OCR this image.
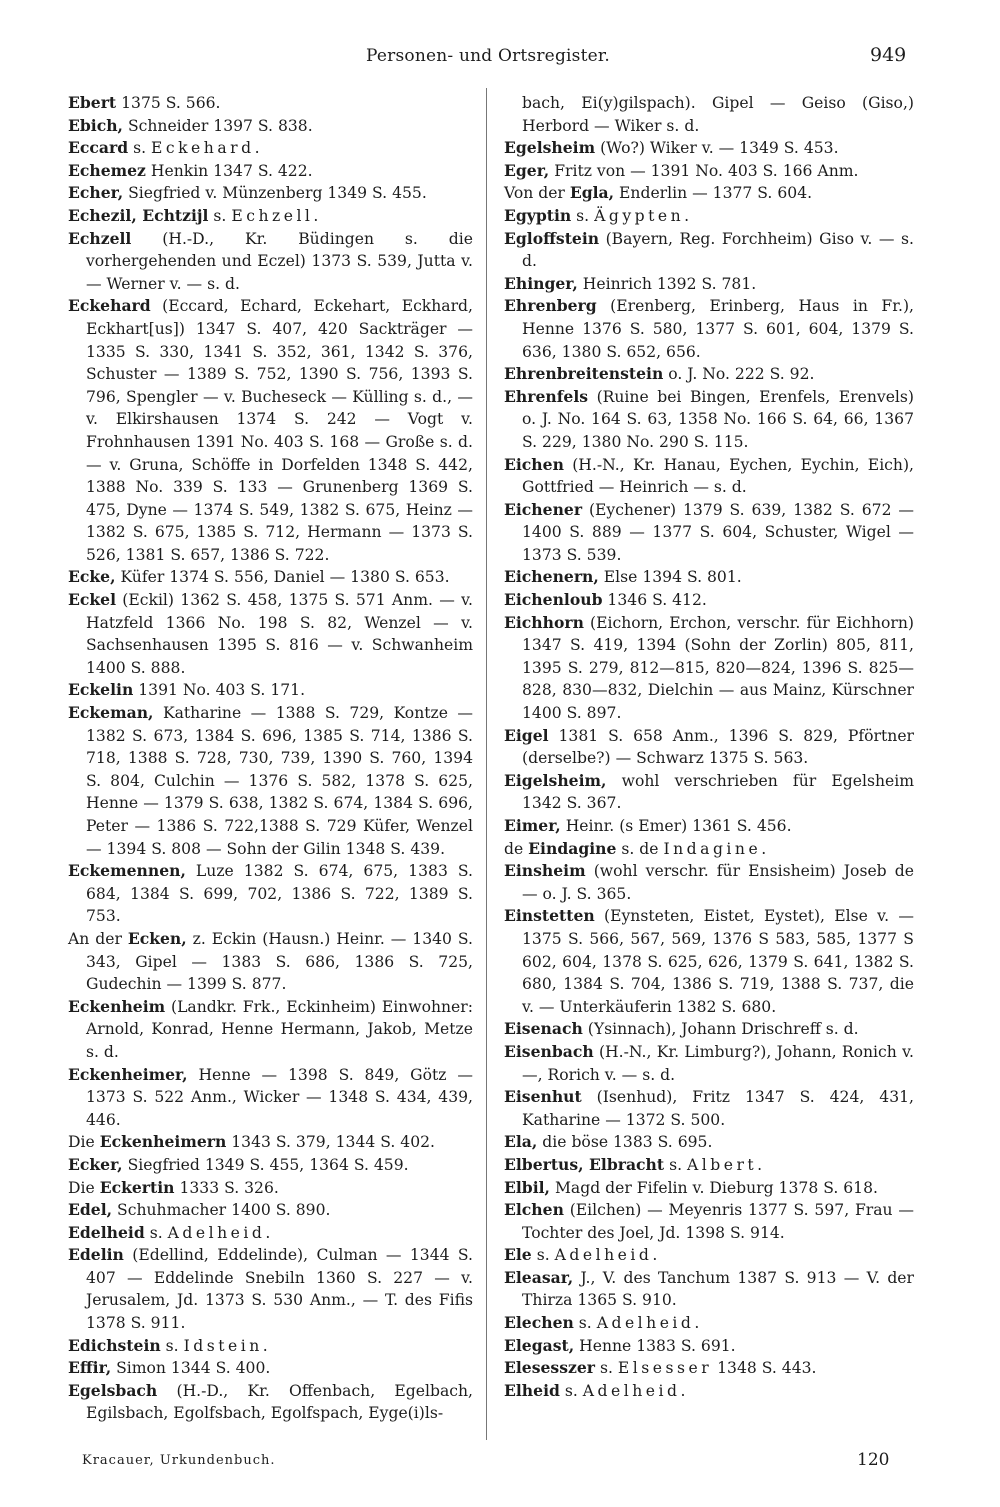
Personen- und Ortsregister.	949
Ebert 1375 S. 566.
Ebich, Schneider 1397 S. 838.
Eccard s. Eckehard.
Echemez Henkin 1347 S. 422.
Echer, Siegfried v. Münzenberg 1349 S. 455.
Echezil, Echtzijl s. Echzell.
Echzell (H.-D., Kr. Büdingen s. die vorhergehenden und Eczel) 1373 S. 539, Jutta v. — Werner v. — s. d.
Eckehard (Eccard, Echard, Eckehart, Eckhard, Eckhart[us]) 1347 S. 407, 420 Sackträger — 1335 S. 330, 1341 S. 352, 361, 1342 S. 376, Schuster — 1389 S. 752, 1390 S. 756, 1393 S. 796, Spengler — v. Bucheseck — Külling s. d., — v. Elkirshausen 1374 S. 242 — Vogt v. Frohnhausen 1391 No. 403 S. 168 — Große s. d. — v. Gruna, Schöffe in Dorfelden 1348 S. 442, 1388 No. 339 S. 133 — Grunenberg 1369 S. 475, Dyne — 1374 S. 549, 1382 S. 675, Heinz — 1382 S. 675, 1385 S. 712, Hermann — 1373 S. 526, 1381 S. 657, 1386 S. 722.
Ecke, Küfer 1374 S. 556, Daniel — 1380 S. 653.
Eckel (Eckil) 1362 S. 458, 1375 S. 571 Anm. — v. Hatzfeld 1366 No. 198 S. 82, Wenzel — v. Sachsenhausen 1395 S. 816 — v. Schwanheim 1400 S. 888.
Eckelin 1391 No. 403 S. 171.
Eckeman, Katharine — 1388 S. 729, Kontze — 1382 S. 673, 1384 S. 696, 1385 S. 714, 1386 S. 718, 1388 S. 728, 730, 739, 1390 S. 760, 1394 S. 804, Culchin — 1376 S. 582, 1378 S. 625, Henne — 1379 S. 638, 1382 S. 674, 1384 S. 696, Peter — 1386 S. 722,1388 S. 729 Küfer, Wenzel — 1394 S. 808 — Sohn der Gilin 1348 S. 439.
Eckemennen, Luze 1382 S. 674, 675, 1383 S. 684, 1384 S. 699, 702, 1386 S. 722, 1389 S. 753.
An der Ecken, z. Eckin (Hausn.) Heinr. — 1340 S. 343, Gipel — 1383 S. 686, 1386 S. 725, Gudechin — 1399 S. 877.
Eckenheim (Landkr. Frk., Eckinheim) Einwohner: Arnold, Konrad, Henne Hermann, Jakob, Metze s. d.
Eckenheimer, Henne — 1398 S. 849, Götz — 1373 S. 522 Anm., Wicker — 1348 S. 434, 439, 446.
Die Eckenheimern 1343 S. 379, 1344 S. 402.
Ecker, Siegfried 1349 S. 455, 1364 S. 459.
Die Eckertin 1333 S. 326.
Edel, Schuhmacher 1400 S. 890.
Edelheid s. Adelheid.
Edelin (Edellind, Eddelinde), Culman — 1344 S. 407 — Eddelinde Snebiln 1360 S. 227 — v. Jerusalem, Jd. 1373 S. 530 Anm., — T. des Fifis 1378 S. 911.
Edichstein s. Idstein.
Effir, Simon 1344 S. 400.
Egelsbach (H.-D., Kr. Offenbach, Egelbach, Egilsbach, Egolfsbach, Egolfspach, Eyge(i)ls-
bach, Ei(y)gilspach). Gipel — Geiso (Giso,) Herbord — Wiker s. d.
Egelsheim (Wo?) Wiker v. — 1349 S. 453.
Eger, Fritz von — 1391 No. 403 S. 166 Anm.
Von der Egla, Enderlin — 1377 S. 604.
Egyptin s. Ägypten.
Egloffstein (Bayern, Reg. Forchheim) Giso v. — s. d.
Ehinger, Heinrich 1392 S. 781.
Ehrenberg (Erenberg, Erinberg, Haus in Fr.), Henne 1376 S. 580, 1377 S. 601, 604, 1379 S. 636, 1380 S. 652, 656.
Ehrenbreitenstein o. J. No. 222 S. 92.
Ehrenfels (Ruine bei Bingen, Erenfels, Erenvels) o. J. No. 164 S. 63, 1358 No. 166 S. 64, 66, 1367 S. 229, 1380 No. 290 S. 115.
Eichen (H.-N., Kr. Hanau, Eychen, Eychin, Eich), Gottfried — Heinrich — s. d.
Eichener (Eychener) 1379 S. 639, 1382 S. 672 — 1400 S. 889 — 1377 S. 604, Schuster, Wigel — 1373 S. 539.
Eichenern, Else 1394 S. 801.
Eichenloub 1346 S. 412.
Eichhorn (Eichorn, Erchon, verschr. für Eichhorn) 1347 S. 419, 1394 (Sohn der Zorlin) 805, 811, 1395 S. 279, 812—815, 820—824, 1396 S. 825—828, 830—832, Dielchin — aus Mainz, Kürschner 1400 S. 897.
Eigel 1381 S. 658 Anm., 1396 S. 829, Pförtner (derselbe?) — Schwarz 1375 S. 563.
Eigelsheim, wohl verschrieben für Egelsheim 1342 S. 367.
Eimer, Heinr. (s Emer) 1361 S. 456.
de Eindagine s. de Indagine.
Einsheim (wohl verschr. für Ensisheim) Joseb de — o. J. S. 365.
Einstetten (Eynsteten, Eistet, Eystet), Else v. — 1375 S. 566, 567, 569, 1376 S 583, 585, 1377 S 602, 604, 1378 S. 625, 626, 1379 S. 641, 1382 S. 680, 1384 S. 704, 1386 S. 719, 1388 S. 737, die v. — Unterkäuferin 1382 S. 680.
Eisenach (Ysinnach), Johann Drischreff s. d.
Eisenbach (H.-N., Kr. Limburg?), Johann, Ronich v. —, Rorich v. — s. d.
Eisenhut (Isenhud), Fritz 1347 S. 424, 431, Katharine — 1372 S. 500.
Ela, die böse 1383 S. 695.
Elbertus, Elbracht s. Albert.
Elbil, Magd der Fifelin v. Dieburg 1378 S. 618.
Elchen (Eilchen) — Meyenris 1377 S. 597, Frau — Tochter des Joel, Jd. 1398 S. 914.
Ele s. Adelheid.
Eleasar, J., V. des Tanchum 1387 S. 913 — V. der Thirza 1365 S. 910.
Elechen s. Adelheid.
Elegast, Henne 1383 S. 691.
Elesesszer s. Elsesser 1348 S. 443.
Elheid s. Adelheid.
Kracauer, Urkundenbuch.	120
